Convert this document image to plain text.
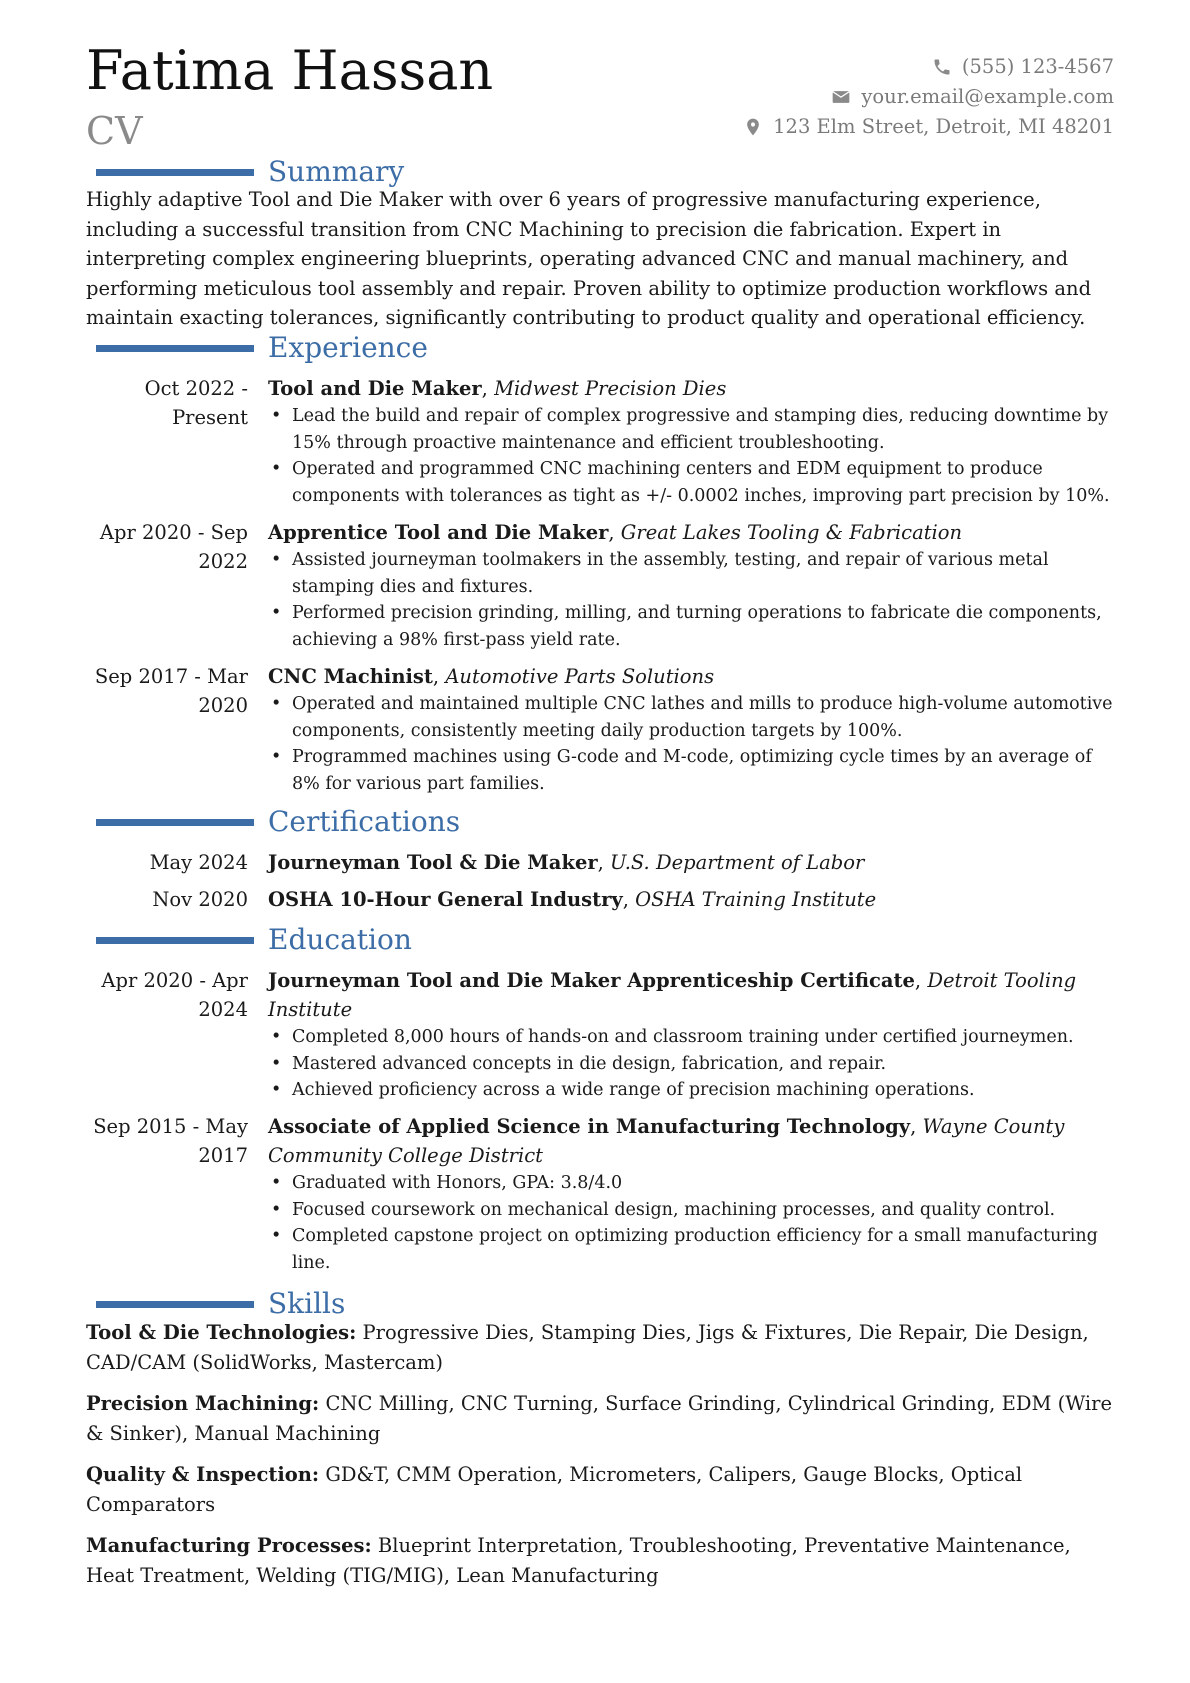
Fatima Hassan
CV
(555) 123-4567
your.email@example.com
123 Elm Street, Detroit, MI 48201
Summary

Highly adaptive Tool and Die Maker with over 6 years of progressive manufacturing experience, including a successful transition from CNC Machining to precision die fabrication. Expert in interpreting complex engineering blueprints, operating advanced CNC and manual machinery, and performing meticulous tool assembly and repair. Proven ability to optimize production workflows and maintain exacting tolerances, significantly contributing to product quality and operational efficiency.

Experience
Oct 2022 - Present
Tool and Die Maker, Midwest Precision Dies
• Lead the build and repair of complex progressive and stamping dies, reducing downtime by 15% through proactive maintenance and efficient troubleshooting.
• Operated and programmed CNC machining centers and EDM equipment to produce components with tolerances as tight as +/- 0.0002 inches, improving part precision by 10%.
Apr 2020 - Sep 2022
Apprentice Tool and Die Maker, Great Lakes Tooling & Fabrication
• Assisted journeyman toolmakers in the assembly, testing, and repair of various metal stamping dies and fixtures.
• Performed precision grinding, milling, and turning operations to fabricate die components, achieving a 98% first-pass yield rate.
Sep 2017 - Mar 2020
CNC Machinist, Automotive Parts Solutions
• Operated and maintained multiple CNC lathes and mills to produce high-volume automotive components, consistently meeting daily production targets by 100%.
• Programmed machines using G-code and M-code, optimizing cycle times by an average of 8% for various part families.
Certifications
May 2024 Journeyman Tool & Die Maker, U.S. Department of Labor
Nov 2020 OSHA 10-Hour General Industry, OSHA Training Institute
Education
Apr 2020 - Apr 2024
Journeyman Tool and Die Maker Apprenticeship Certificate, Detroit Tooling Institute
• Completed 8,000 hours of hands-on and classroom training under certified journeymen.
• Mastered advanced concepts in die design, fabrication, and repair.
• Achieved proficiency across a wide range of precision machining operations.
Sep 2015 - May 2017
Associate of Applied Science in Manufacturing Technology, Wayne County Community College District
• Graduated with Honors, GPA: 3.8/4.0
• Focused coursework on mechanical design, machining processes, and quality control.
• Completed capstone project on optimizing production efficiency for a small manufacturing line.
Skills

Tool & Die Technologies: Progressive Dies, Stamping Dies, Jigs & Fixtures, Die Repair, Die Design, CAD/CAM (SolidWorks, Mastercam)

Precision Machining: CNC Milling, CNC Turning, Surface Grinding, Cylindrical Grinding, EDM (Wire & Sinker), Manual Machining

Quality & Inspection: GD&T, CMM Operation, Micrometers, Calipers, Gauge Blocks, Optical Comparators

Manufacturing Processes: Blueprint Interpretation, Troubleshooting, Preventative Maintenance, Heat Treatment, Welding (TIG/MIG), Lean Manufacturing
